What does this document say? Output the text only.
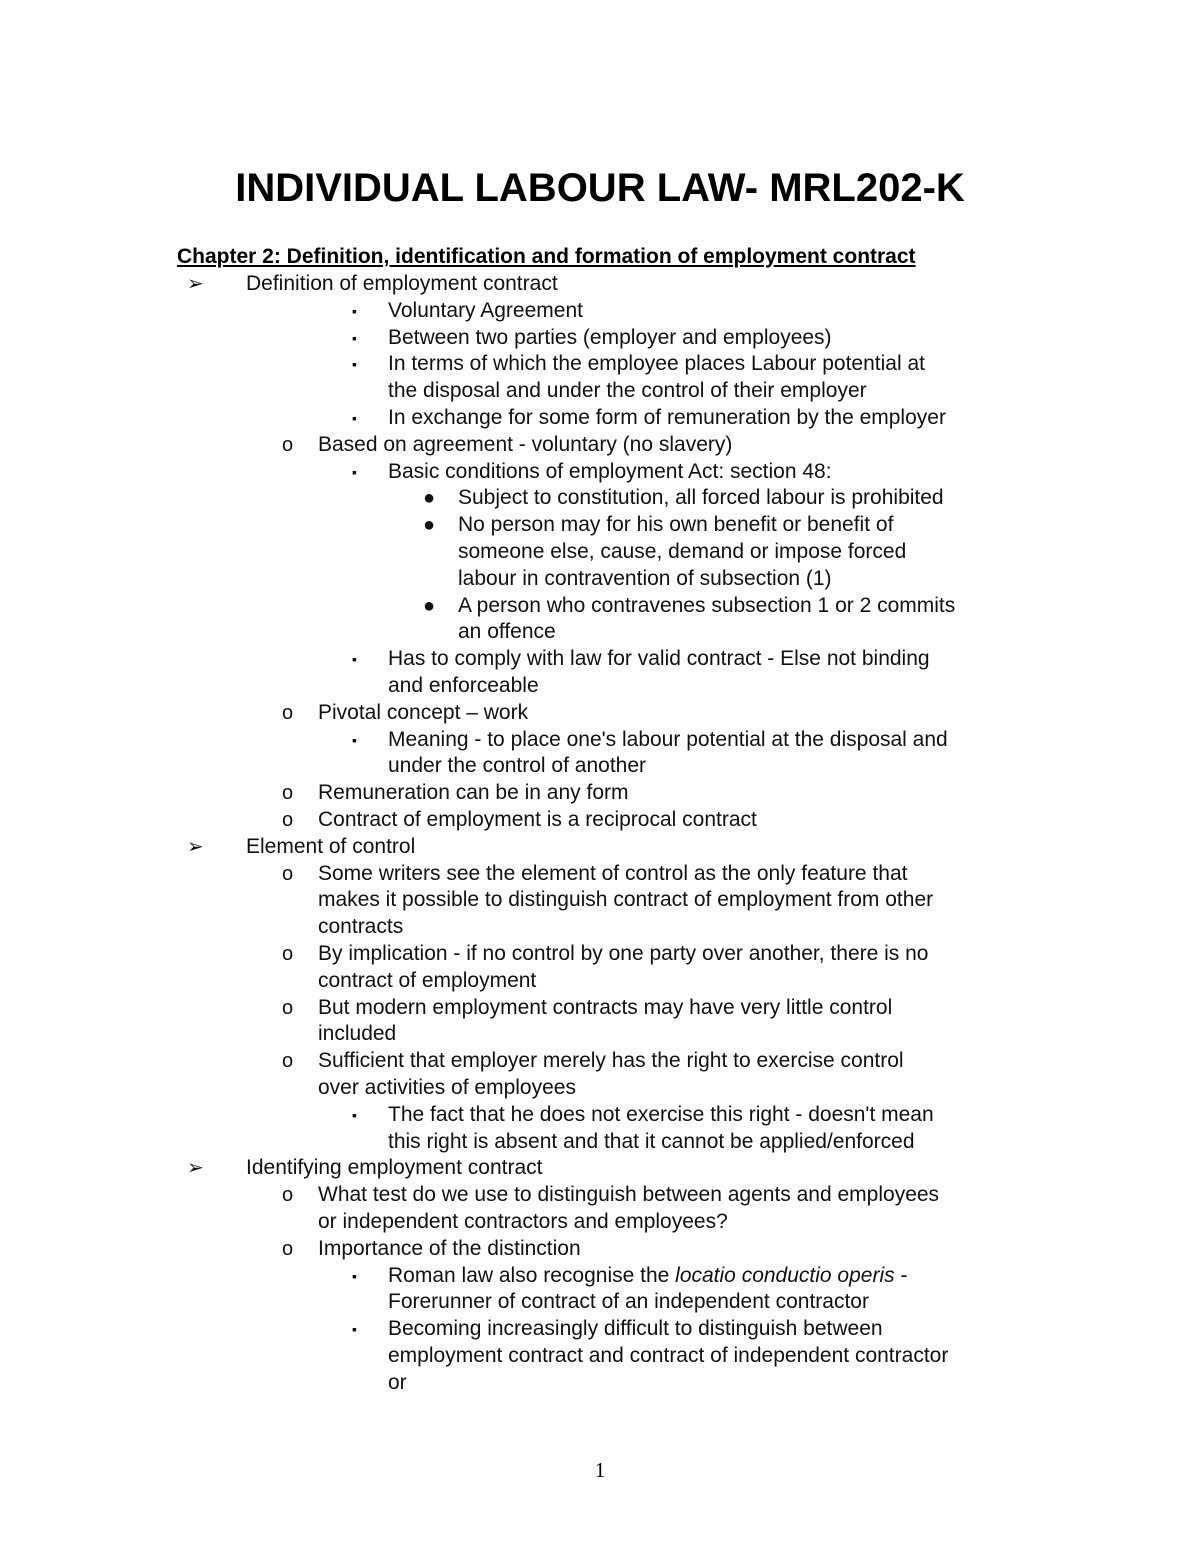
INDIVIDUAL LABOUR LAW- MRL202-K
Chapter 2: Definition, identification and formation of employment contract
➢ Definition of employment contract
▪ Voluntary Agreement
▪ Between two parties (employer and employees)
▪ In terms of which the employee places Labour potential at
the disposal and under the control of their employer
▪ In exchange for some form of remuneration by the employer
o Based on agreement - voluntary (no slavery)
▪ Basic conditions of employment Act: section 48:
● Subject to constitution, all forced labour is prohibited
● No person may for his own benefit or benefit of
someone else, cause, demand or impose forced
labour in contravention of subsection (1)
● A person who contravenes subsection 1 or 2 commits
an offence
▪ Has to comply with law for valid contract - Else not binding
and enforceable
o Pivotal concept – work
▪ Meaning - to place one's labour potential at the disposal and
under the control of another
o Remuneration can be in any form
o Contract of employment is a reciprocal contract
➢ Element of control
o Some writers see the element of control as the only feature that
makes it possible to distinguish contract of employment from other
contracts
o By implication - if no control by one party over another, there is no
contract of employment
o But modern employment contracts may have very little control
included
o Sufficient that employer merely has the right to exercise control
over activities of employees
▪ The fact that he does not exercise this right - doesn't mean
this right is absent and that it cannot be applied/enforced
➢ Identifying employment contract
o What test do we use to distinguish between agents and employees
or independent contractors and employees?
o Importance of the distinction
▪ Roman law also recognise the locatio conductio operis -
Forerunner of contract of an independent contractor
▪ Becoming increasingly difficult to distinguish between
employment contract and contract of independent contractor
or
1
